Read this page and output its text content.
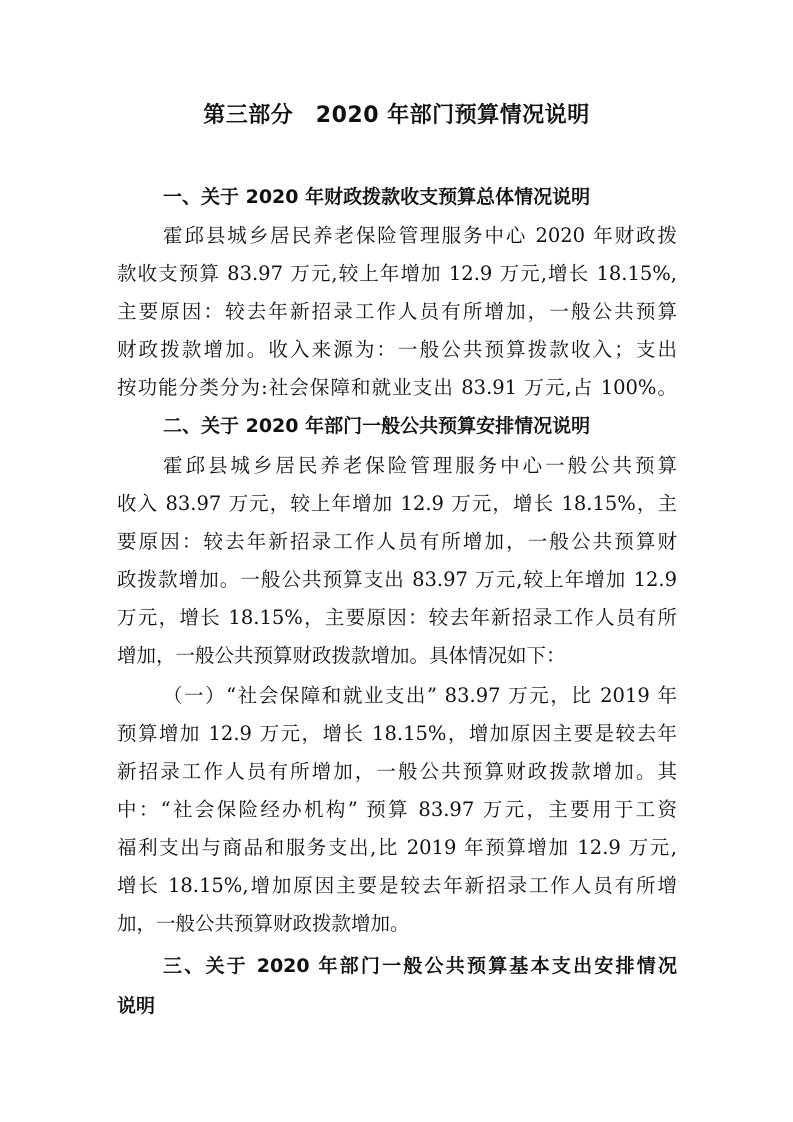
第三部分　2020 年部门预算情况说明
一、关于 2020 年财政拨款收支预算总体情况说明
霍邱县城乡居民养老保险管理服务中心 2020 年财政拨
款收支预算 83.97 万元,较上年增加 12.9 万元,增长 18.15%,
主要原因：较去年新招录工作人员有所增加，一般公共预算
财政拨款增加。收入来源为：一般公共预算拨款收入；支出
按功能分类分为:社会保障和就业支出 83.91 万元,占 100%。
二、关于 2020 年部门一般公共预算安排情况说明
霍邱县城乡居民养老保险管理服务中心一般公共预算
收入 83.97 万元，较上年增加 12.9 万元，增长 18.15%，主
要原因：较去年新招录工作人员有所增加，一般公共预算财
政拨款增加。一般公共预算支出 83.97 万元,较上年增加 12.9
万元，增长 18.15%，主要原因：较去年新招录工作人员有所
增加，一般公共预算财政拨款增加。具体情况如下：
（一）“社会保障和就业支出” 83.97 万元，比 2019 年
预算增加 12.9 万元，增长 18.15%，增加原因主要是较去年
新招录工作人员有所增加，一般公共预算财政拨款增加。其
中：“社会保险经办机构” 预算 83.97 万元，主要用于工资
福利支出与商品和服务支出,比 2019 年预算增加 12.9 万元,
增长 18.15%,增加原因主要是较去年新招录工作人员有所增
加，一般公共预算财政拨款增加。
三、关于 2020 年部门一般公共预算基本支出安排情况
说明
